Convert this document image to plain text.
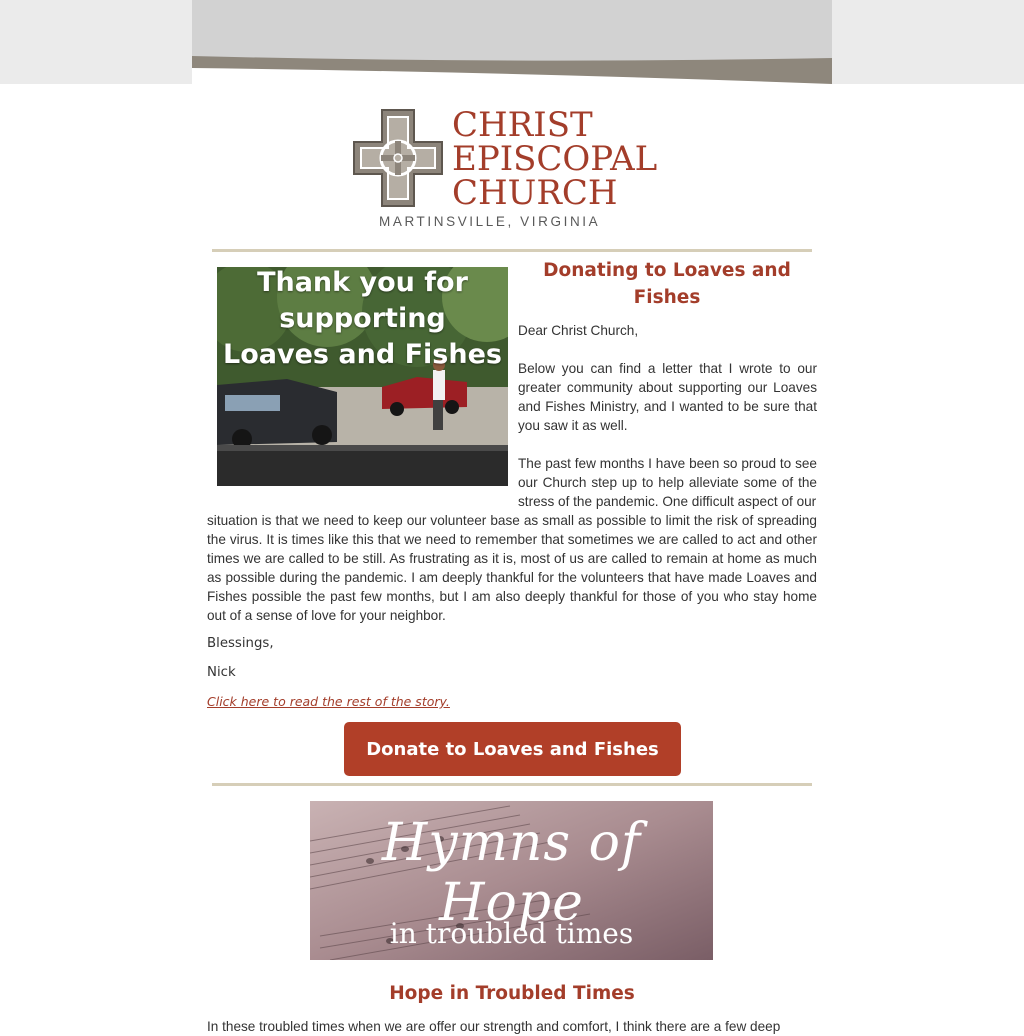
CHRIST
EPISCOPAL
CHURCH
MARTINSVILLE, VIRGINIA
Thank you for
supporting
Loaves and Fishes
Donating to Loaves and Fishes
Dear Christ Church,
Below you can find a letter that I wrote to our greater community about supporting our Loaves and Fishes Ministry, and I wanted to be sure that you saw it as well.
The past few months I have been so proud to see our Church step up to help alleviate some of the stress of the pandemic. One difficult aspect of our
situation is that we need to keep our volunteer base as small as possible to limit the risk of spreading the virus. It is times like this that we need to remember that sometimes we are called to act and other times we are called to be still. As frustrating as it is, most of us are called to remain at home as much as possible during the pandemic. I am deeply thankful for the volunteers that have made Loaves and Fishes possible the past few months, but I am also deeply thankful for those of you who stay home out of a sense of love for your neighbor.
Blessings,
Nick
Click here to read the rest of the story.
Donate to Loaves and Fishes
Hymns of Hope
in troubled times
Hope in Troubled Times
In these troubled times when we are offer our strength and comfort, I think there are a few deep
